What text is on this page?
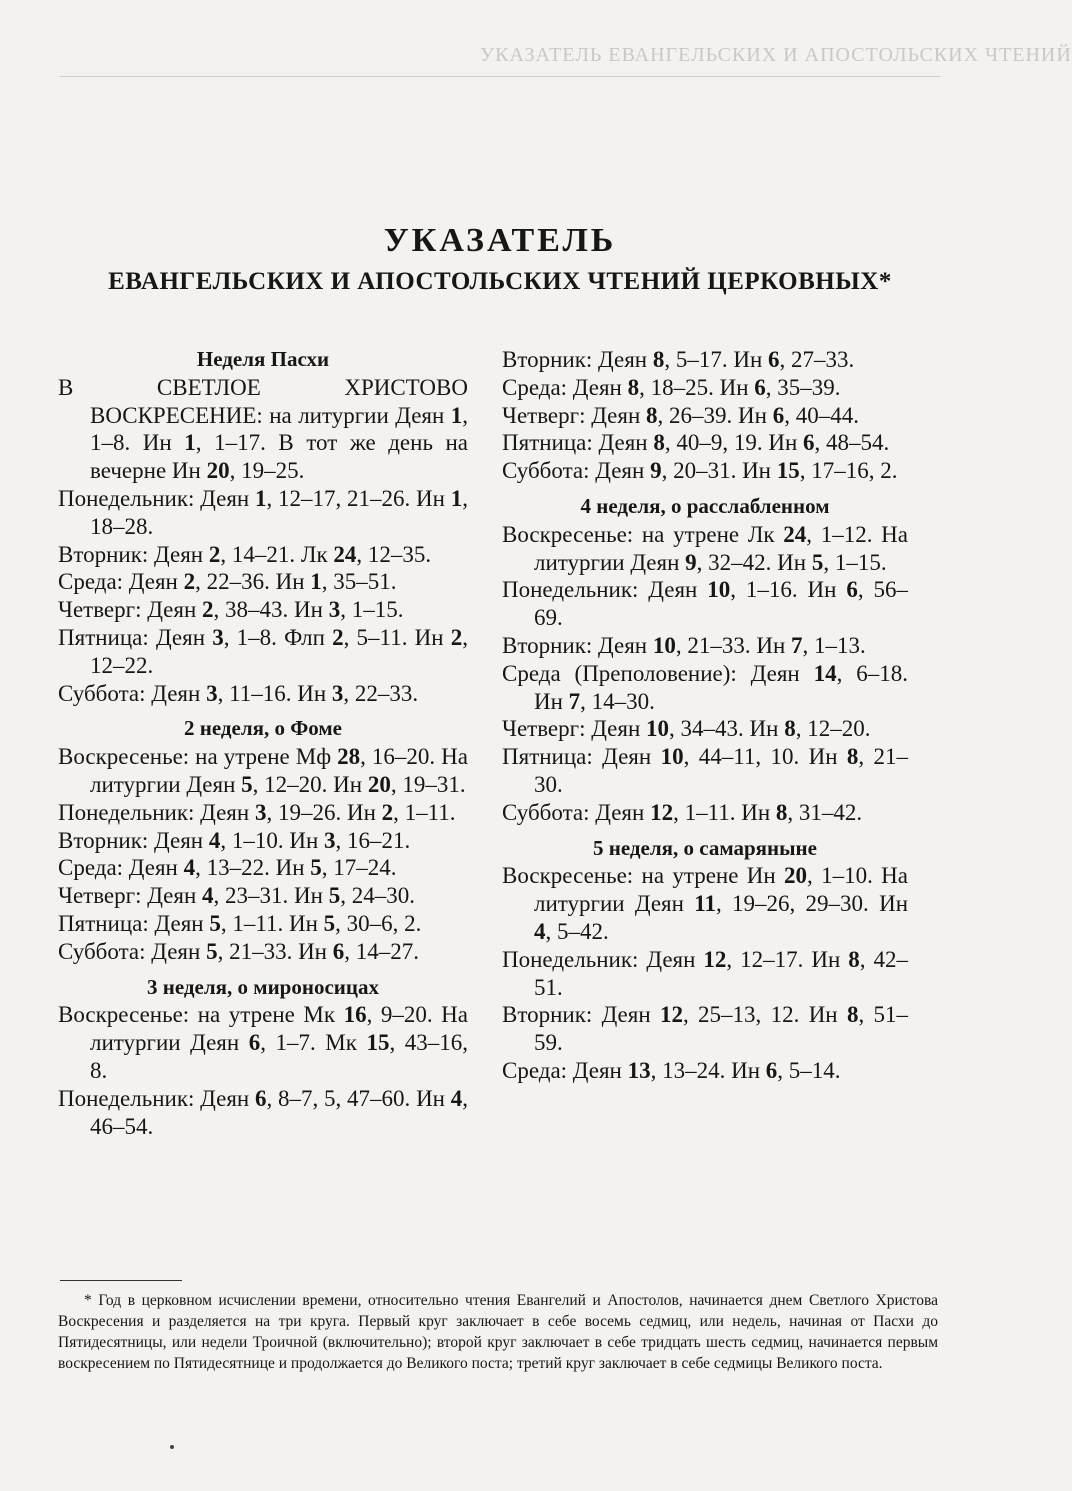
УКАЗАТЕЛЬ ЕВАНГЕЛЬСКИХ И АПОСТОЛЬСКИХ ЧТЕНИЙ
УКАЗАТЕЛЬ
ЕВАНГЕЛЬСКИХ И АПОСТОЛЬСКИХ ЧТЕНИЙ ЦЕРКОВНЫХ*
Неделя Пасхи
В СВЕТЛОЕ ХРИСТОВО ВОСКРЕСЕНИЕ: на литургии Деян 1, 1–8. Ин 1, 1–17. В тот же день на вечерне Ин 20, 19–25.
Понедельник: Деян 1, 12–17, 21–26. Ин 1, 18–28.
Вторник: Деян 2, 14–21. Лк 24, 12–35.
Среда: Деян 2, 22–36. Ин 1, 35–51.
Четверг: Деян 2, 38–43. Ин 3, 1–15.
Пятница: Деян 3, 1–8. Флп 2, 5–11. Ин 2, 12–22.
Суббота: Деян 3, 11–16. Ин 3, 22–33.
2 неделя, о Фоме
Воскресенье: на утрене Мф 28, 16–20. На литургии Деян 5, 12–20. Ин 20, 19–31.
Понедельник: Деян 3, 19–26. Ин 2, 1–11.
Вторник: Деян 4, 1–10. Ин 3, 16–21.
Среда: Деян 4, 13–22. Ин 5, 17–24.
Четверг: Деян 4, 23–31. Ин 5, 24–30.
Пятница: Деян 5, 1–11. Ин 5, 30–6, 2.
Суббота: Деян 5, 21–33. Ин 6, 14–27.
3 неделя, о мироносицах
Воскресенье: на утрене Мк 16, 9–20. На литургии Деян 6, 1–7. Мк 15, 43–16, 8.
Понедельник: Деян 6, 8–7, 5, 47–60. Ин 4, 46–54.
Вторник: Деян 8, 5–17. Ин 6, 27–33.
Среда: Деян 8, 18–25. Ин 6, 35–39.
Четверг: Деян 8, 26–39. Ин 6, 40–44.
Пятница: Деян 8, 40–9, 19. Ин 6, 48–54.
Суббота: Деян 9, 20–31. Ин 15, 17–16, 2.
4 неделя, о расслабленном
Воскресенье: на утрене Лк 24, 1–12. На литургии Деян 9, 32–42. Ин 5, 1–15.
Понедельник: Деян 10, 1–16. Ин 6, 56–69.
Вторник: Деян 10, 21–33. Ин 7, 1–13.
Среда (Преполовение): Деян 14, 6–18. Ин 7, 14–30.
Четверг: Деян 10, 34–43. Ин 8, 12–20.
Пятница: Деян 10, 44–11, 10. Ин 8, 21–30.
Суббота: Деян 12, 1–11. Ин 8, 31–42.
5 неделя, о самаряныне
Воскресенье: на утрене Ин 20, 1–10. На литургии Деян 11, 19–26, 29–30. Ин 4, 5–42.
Понедельник: Деян 12, 12–17. Ин 8, 42–51.
Вторник: Деян 12, 25–13, 12. Ин 8, 51–59.
Среда: Деян 13, 13–24. Ин 6, 5–14.
* Год в церковном исчислении времени, относительно чтения Евангелий и Апостолов, начинается днем Светлого Христова Воскресения и разделяется на три круга. Первый круг заключает в себе восемь седмиц, или недель, начиная от Пасхи до Пятидесятницы, или недели Троичной (включительно); второй круг заключает в себе тридцать шесть седмиц, начинается первым воскресением по Пятидесятнице и продолжается до Великого поста; третий круг заключает в себе седмицы Великого поста.
